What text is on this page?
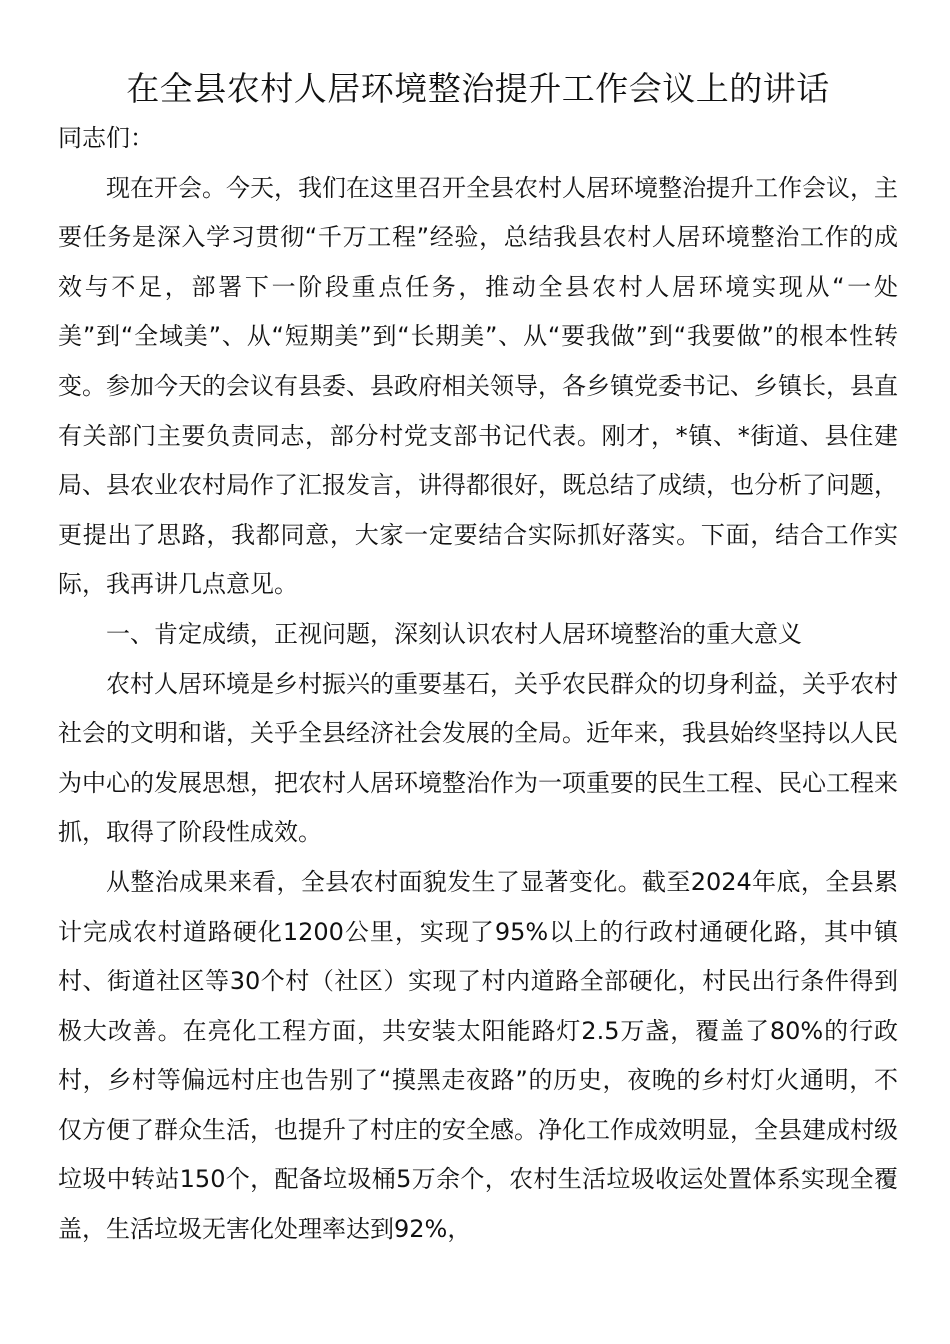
在全县农村人居环境整治提升工作会议上的讲话

同志们：

现在开会。今天，我们在这里召开全县农村人居环境整治提升工作会议，主要任务是深入学习贯彻“千万工程”经验，总结我县农村人居环境整治工作的成效与不足，部署下一阶段重点任务，推动全县农村人居环境实现从“一处美”到“全域美”、从“短期美”到“长期美”、从“要我做”到“我要做”的根本性转变。参加今天的会议有县委、县政府相关领导，各乡镇党委书记、乡镇长，县直有关部门主要负责同志，部分村党支部书记代表。刚才，*镇、*街道、县住建局、县农业农村局作了汇报发言，讲得都很好，既总结了成绩，也分析了问题，更提出了思路，我都同意，大家一定要结合实际抓好落实。下面，结合工作实际，我再讲几点意见。

一、肯定成绩，正视问题，深刻认识农村人居环境整治的重大意义

农村人居环境是乡村振兴的重要基石，关乎农民群众的切身利益，关乎农村社会的文明和谐，关乎全县经济社会发展的全局。近年来，我县始终坚持以人民为中心的发展思想，把农村人居环境整治作为一项重要的民生工程、民心工程来抓，取得了阶段性成效。

从整治成果来看，全县农村面貌发生了显著变化。截至2024年底，全县累计完成农村道路硬化1200公里，实现了95%以上的行政村通硬化路，其中镇村、街道社区等30个村（社区）实现了村内道路全部硬化，村民出行条件得到极大改善。在亮化工程方面，共安装太阳能路灯2.5万盏，覆盖了80%的行政村，乡村等偏远村庄也告别了“摸黑走夜路”的历史，夜晚的乡村灯火通明，不仅方便了群众生活，也提升了村庄的安全感。净化工作成效明显，全县建成村级垃圾中转站150个，配备垃圾桶5万余个，农村生活垃圾收运处置体系实现全覆盖，生活垃圾无害化处理率达到92%，
